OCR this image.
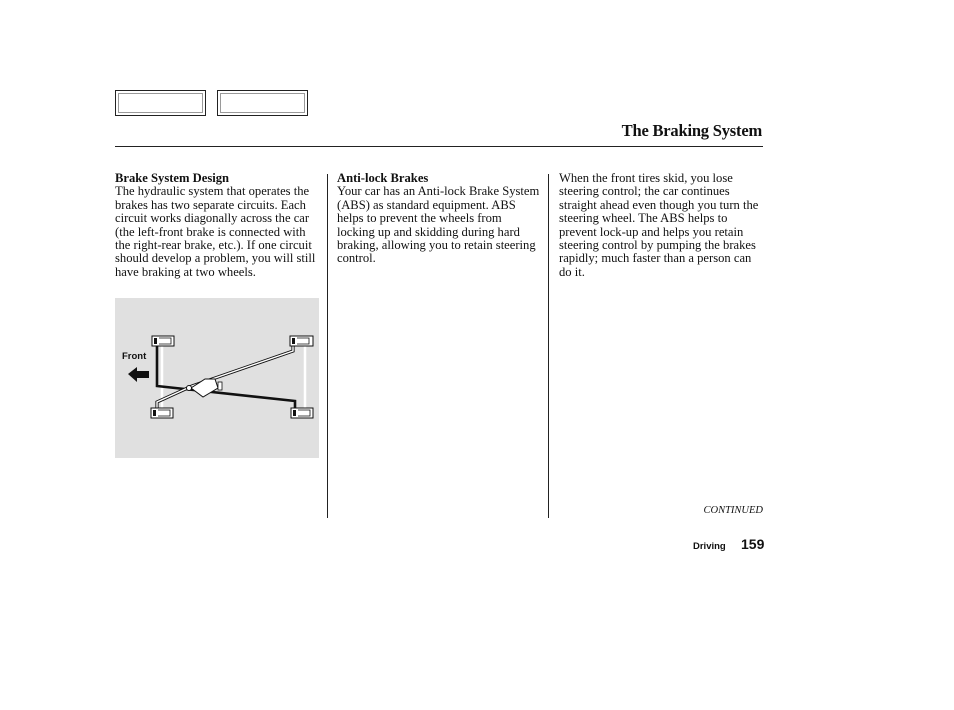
The Braking System
Brake System Design
The hydraulic system that operates the brakes has two separate circuits. Each circuit works diagonally across the car (the left-front brake is connected with the right-rear brake, etc.). If one circuit should develop a problem, you will still have braking at two wheels.
Anti-lock Brakes
Your car has an Anti-lock Brake System (ABS) as standard equipment. ABS helps to prevent the wheels from locking up and skidding during hard braking, allowing you to retain steering control.
When the front tires skid, you lose steering control; the car continues straight ahead even though you turn the steering wheel. The ABS helps to prevent lock-up and helps you retain steering control by pumping the brakes rapidly; much faster than a person can do it.
Front
CONTINUED
Driving 159
